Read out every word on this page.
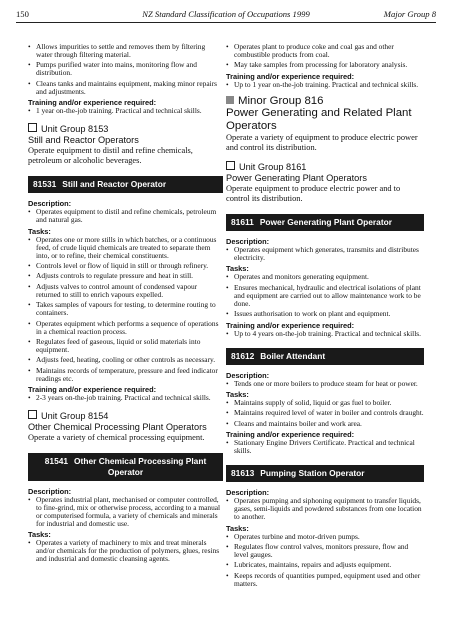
150	NZ Standard Classification of Occupations 1999	Major Group 8
• Allows impurities to settle and removes them by filtering water through filtering material.
• Pumps purified water into mains, monitoring flow and distribution.
• Cleans tanks and maintains equipment, making minor repairs and adjustments.
Training and/or experience required:
• 1 year on-the-job training. Practical and technical skills.
Unit Group 8153
Still and Reactor Operators
Operate equipment to distil and refine chemicals, petroleum or alcoholic beverages.
81531 Still and Reactor Operator
Description:
• Operates equipment to distil and refine chemicals, petroleum and natural gas.
Tasks:
• Operates one or more stills in which batches, or a continuous feed, of crude liquid chemicals are treated to separate them into, or to refine, their chemical constituents.
• Controls level or flow of liquid in still or through refinery.
• Adjusts controls to regulate pressure and heat in still.
• Adjusts valves to control amount of condensed vapour returned to still to enrich vapours expelled.
• Takes samples of vapours for testing, to determine routing to containers.
• Operates equipment which performs a sequence of operations in a chemical reaction process.
• Regulates feed of gaseous, liquid or solid materials into equipment.
• Adjusts feed, heating, cooling or other controls as necessary.
• Maintains records of temperature, pressure and feed indicator readings etc.
Training and/or experience required:
• 2-3 years on-the-job training. Practical and technical skills.
Unit Group 8154
Other Chemical Processing Plant Operators
Operate a variety of chemical processing equipment.
81541 Other Chemical Processing Plant
Operator
Description:
• Operates industrial plant, mechanised or computer controlled, to fine-grind, mix or otherwise process, according to a manual or computerised formula, a variety of chemicals and minerals for industrial and domestic use.
Tasks:
• Operates a variety of machinery to mix and treat minerals and/or chemicals for the production of polymers, glues, resins and industrial and domestic cleansing agents.
• Operates plant to produce coke and coal gas and other combustible products from coal.
• May take samples from processing for laboratory analysis.
Training and/or experience required:
• Up to 1 year on-the-job training. Practical and technical skills.
Minor Group 816
Power Generating and Related Plant Operators
Operate a variety of equipment to produce electric power and control its distribution.
Unit Group 8161
Power Generating Plant Operators
Operate equipment to produce electric power and to control its distribution.
81611 Power Generating Plant Operator
Description:
• Operates equipment which generates, transmits and distributes electricity.
Tasks:
• Operates and monitors generating equipment.
• Ensures mechanical, hydraulic and electrical isolations of plant and equipment are carried out to allow maintenance work to be done.
• Issues authorisation to work on plant and equipment.
Training and/or experience required:
• Up to 4 years on-the-job training. Practical and technical skills.
81612 Boiler Attendant
Description:
• Tends one or more boilers to produce steam for heat or power.
Tasks:
• Maintains supply of solid, liquid or gas fuel to boiler.
• Maintains required level of water in boiler and controls draught.
• Cleans and maintains boiler and work area.
Training and/or experience required:
• Stationary Engine Drivers Certificate. Practical and technical skills.
81613 Pumping Station Operator
Description:
• Operates pumping and siphoning equipment to transfer liquids, gases, semi-liquids and powdered substances from one location to another.
Tasks:
• Operates turbine and motor-driven pumps.
• Regulates flow control valves, monitors pressure, flow and level gauges.
• Lubricates, maintains, repairs and adjusts equipment.
• Keeps records of quantities pumped, equipment used and other matters.
